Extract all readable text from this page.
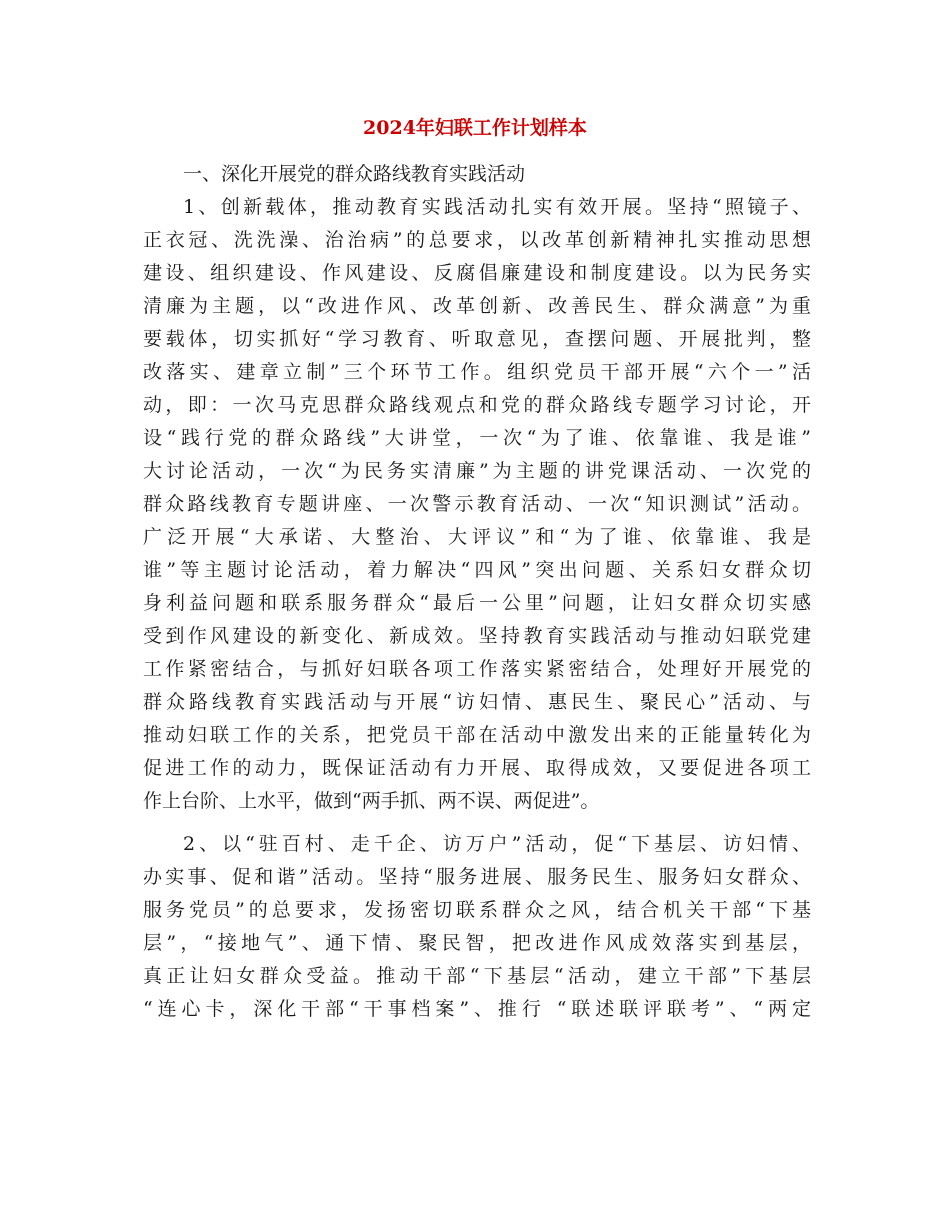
2024年妇联工作计划样本
一、深化开展党的群众路线教育实践活动
1、创新载体，推动教育实践活动扎实有效开展。坚持“照镜子、
正衣冠、洗洗澡、治治病”的总要求，以改革创新精神扎实推动思想
建设、组织建设、作风建设、反腐倡廉建设和制度建设。以为民务实
清廉为主题，以“改进作风、改革创新、改善民生、群众满意”为重
要载体，切实抓好“学习教育、听取意见，查摆问题、开展批判，整
改落实、建章立制”三个环节工作。组织党员干部开展“六个一”活
动，即：一次马克思群众路线观点和党的群众路线专题学习讨论，开
设“践行党的群众路线”大讲堂，一次“为了谁、依靠谁、我是谁”
大讨论活动，一次“为民务实清廉”为主题的讲党课活动、一次党的
群众路线教育专题讲座、一次警示教育活动、一次“知识测试”活动。
广泛开展“大承诺、大整治、大评议”和“为了谁、依靠谁、我是
谁”等主题讨论活动，着力解决“四风”突出问题、关系妇女群众切
身利益问题和联系服务群众“最后一公里”问题，让妇女群众切实感
受到作风建设的新变化、新成效。坚持教育实践活动与推动妇联党建
工作紧密结合，与抓好妇联各项工作落实紧密结合，处理好开展党的
群众路线教育实践活动与开展“访妇情、惠民生、聚民心”活动、与
推动妇联工作的关系，把党员干部在活动中激发出来的正能量转化为
促进工作的动力，既保证活动有力开展、取得成效，又要促进各项工
作上台阶、上水平，做到“两手抓、两不误、两促进”。
2、以“驻百村、走千企、访万户”活动，促“下基层、访妇情、
办实事、促和谐”活动。坚持“服务进展、服务民生、服务妇女群众、
服务党员”的总要求，发扬密切联系群众之风，结合机关干部“下基
层”，“接地气”、通下情、聚民智，把改进作风成效落实到基层，
真正让妇女群众受益。推动干部“下基层“活动，建立干部”下基层
“连心卡，深化干部“干事档案”、推行 “联述联评联考”、“两定
